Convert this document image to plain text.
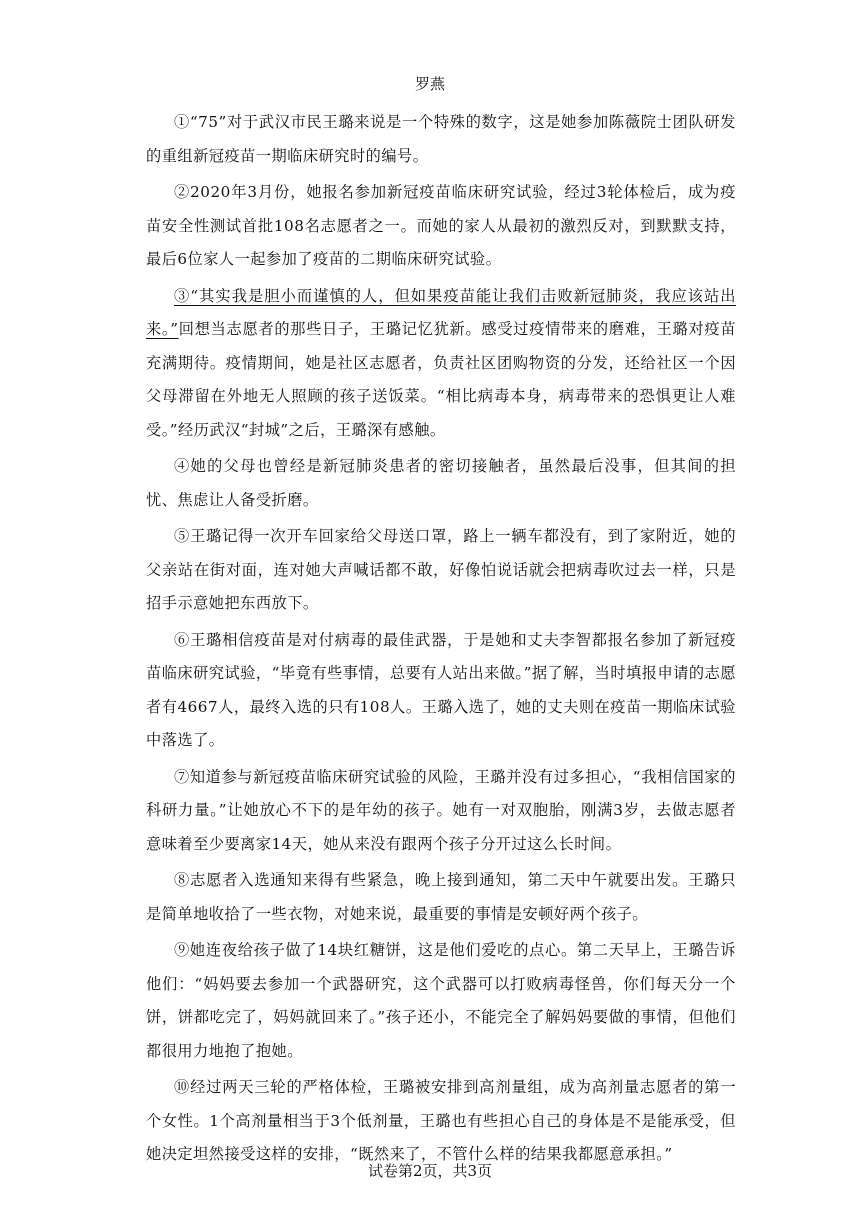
罗燕

①“75”对于武汉市民王璐来说是一个特殊的数字，这是她参加陈薇院士团队研发的重组新冠疫苗一期临床研究时的编号。

②2020年3月份，她报名参加新冠疫苗临床研究试验，经过3轮体检后，成为疫苗安全性测试首批108名志愿者之一。而她的家人从最初的激烈反对，到默默支持，最后6位家人一起参加了疫苗的二期临床研究试验。

③“其实我是胆小而谨慎的人，但如果疫苗能让我们击败新冠肺炎，我应该站出来。”回想当志愿者的那些日子，王璐记忆犹新。感受过疫情带来的磨难，王璐对疫苗充满期待。疫情期间，她是社区志愿者，负责社区团购物资的分发，还给社区一个因父母滞留在外地无人照顾的孩子送饭菜。“相比病毒本身，病毒带来的恐惧更让人难受。”经历武汉“封城”之后，王璐深有感触。

④她的父母也曾经是新冠肺炎患者的密切接触者，虽然最后没事，但其间的担忧、焦虑让人备受折磨。

⑤王璐记得一次开车回家给父母送口罩，路上一辆车都没有，到了家附近，她的父亲站在街对面，连对她大声喊话都不敢，好像怕说话就会把病毒吹过去一样，只是招手示意她把东西放下。

⑥王璐相信疫苗是对付病毒的最佳武器，于是她和丈夫李智都报名参加了新冠疫苗临床研究试验，“毕竟有些事情，总要有人站出来做。”据了解，当时填报申请的志愿者有4667人，最终入选的只有108人。王璐入选了，她的丈夫则在疫苗一期临床试验中落选了。

⑦知道参与新冠疫苗临床研究试验的风险，王璐并没有过多担心，“我相信国家的科研力量。”让她放心不下的是年幼的孩子。她有一对双胞胎，刚满3岁，去做志愿者意味着至少要离家14天，她从来没有跟两个孩子分开过这么长时间。

⑧志愿者入选通知来得有些紧急，晚上接到通知，第二天中午就要出发。王璐只是简单地收拾了一些衣物，对她来说，最重要的事情是安顿好两个孩子。

⑨她连夜给孩子做了14块红糖饼，这是他们爱吃的点心。第二天早上，王璐告诉他们：“妈妈要去参加一个武器研究，这个武器可以打败病毒怪兽，你们每天分一个饼，饼都吃完了，妈妈就回来了。”孩子还小，不能完全了解妈妈要做的事情，但他们都很用力地抱了抱她。

⑩经过两天三轮的严格体检，王璐被安排到高剂量组，成为高剂量志愿者的第一个女性。1个高剂量相当于3个低剂量，王璐也有些担心自己的身体是不是能承受，但她决定坦然接受这样的安排，“既然来了，不管什么样的结果我都愿意承担。”

试卷第2页，共3页
